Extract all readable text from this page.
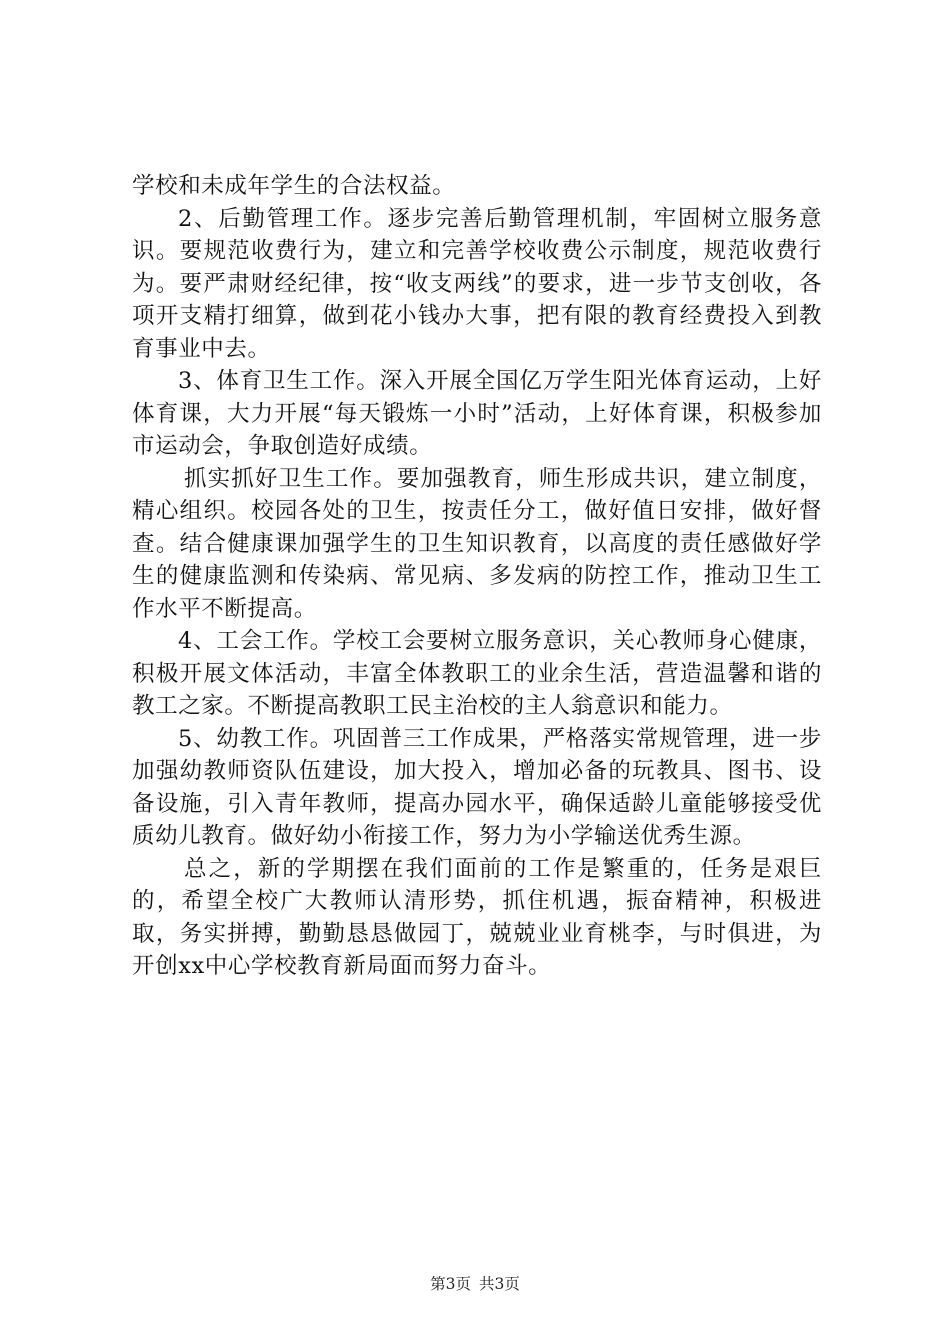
学校和未成年学生的合法权益。

2、后勤管理工作。逐步完善后勤管理机制，牢固树立服务意识。要规范收费行为，建立和完善学校收费公示制度，规范收费行为。要严肃财经纪律，按“收支两线”的要求，进一步节支创收，各项开支精打细算，做到花小钱办大事，把有限的教育经费投入到教育事业中去。

3、体育卫生工作。深入开展全国亿万学生阳光体育运动，上好体育课，大力开展“每天锻炼一小时”活动，上好体育课，积极参加市运动会，争取创造好成绩。

抓实抓好卫生工作。要加强教育，师生形成共识，建立制度，精心组织。校园各处的卫生，按责任分工，做好值日安排，做好督查。结合健康课加强学生的卫生知识教育，以高度的责任感做好学生的健康监测和传染病、常见病、多发病的防控工作，推动卫生工作水平不断提高。

4、工会工作。学校工会要树立服务意识，关心教师身心健康，积极开展文体活动，丰富全体教职工的业余生活，营造温馨和谐的教工之家。不断提高教职工民主治校的主人翁意识和能力。

5、幼教工作。巩固普三工作成果，严格落实常规管理，进一步加强幼教师资队伍建设，加大投入，增加必备的玩教具、图书、设备设施，引入青年教师，提高办园水平，确保适龄儿童能够接受优质幼儿教育。做好幼小衔接工作，努力为小学输送优秀生源。

总之，新的学期摆在我们面前的工作是繁重的，任务是艰巨的，希望全校广大教师认清形势，抓住机遇，振奋精神，积极进取，务实拼搏，勤勤恳恳做园丁，兢兢业业育桃李，与时俱进，为开创xx中心学校教育新局面而努力奋斗。

第3页 共3页
